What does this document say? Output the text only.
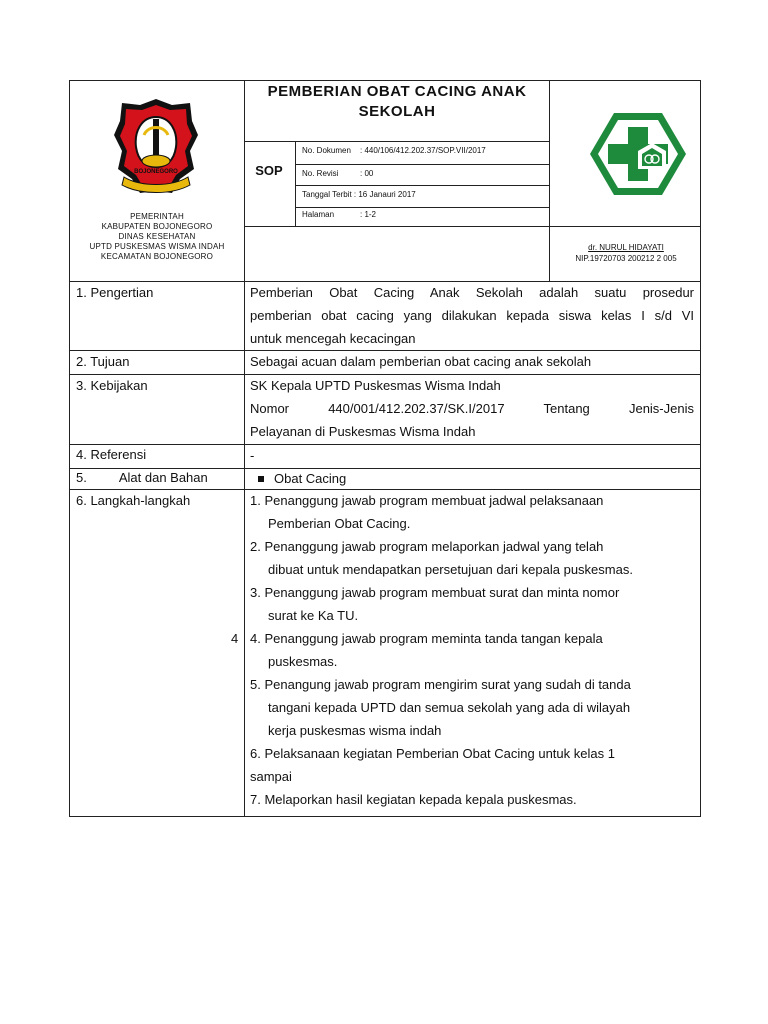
BOJONEGORO
PEMERINTAH
KABUPATEN BOJONEGORO
DINAS KESEHATAN
UPTD PUSKESMAS WISMA INDAH
KECAMATAN BOJONEGORO
PEMBERIAN OBAT CACING ANAK
SEKOLAH
SOP
No. Dokumen : 440/106/412.202.37/SOP.VII/2017
No. Revisi	: 00
Tanggal Terbit : 16 Janauri 2017
Halaman	: 1-2
dr. NURUL HIDAYATI
NIP.19720703 200212 2 005
1. Pengertian	Pemberian Obat Cacing Anak Sekolah adalah suatu prosedur
pemberian obat cacing yang dilakukan kepada siswa kelas I s/d VI
untuk mencegah kecacingan
2. Tujuan	Sebagai acuan dalam pemberian obat cacing anak sekolah
3. Kebijakan	SK Kepala UPTD Puskesmas Wisma Indah
Nomor 440/001/412.202.37/SK.I/2017 Tentang Jenis-Jenis
Pelayanan di Puskesmas Wisma Indah
4. Referensi	-
5. Alat dan Bahan	Obat Cacing
6. Langkah-langkah
4
1. Penanggung jawab program membuat jadwal pelaksanaan
Pemberian Obat Cacing.
2. Penanggung jawab program melaporkan jadwal yang telah
dibuat untuk mendapatkan persetujuan dari kepala puskesmas.
3. Penanggung jawab program membuat surat dan minta nomor
surat ke Ka TU.
4. Penanggung jawab program meminta tanda tangan kepala
puskesmas.
5. Penangung jawab program mengirim surat yang sudah di tanda
tangani kepada UPTD dan semua sekolah yang ada di wilayah
kerja puskesmas wisma indah
6. Pelaksanaan kegiatan Pemberian Obat Cacing untuk kelas 1
sampai
7. Melaporkan hasil kegiatan kepada kepala puskesmas.
